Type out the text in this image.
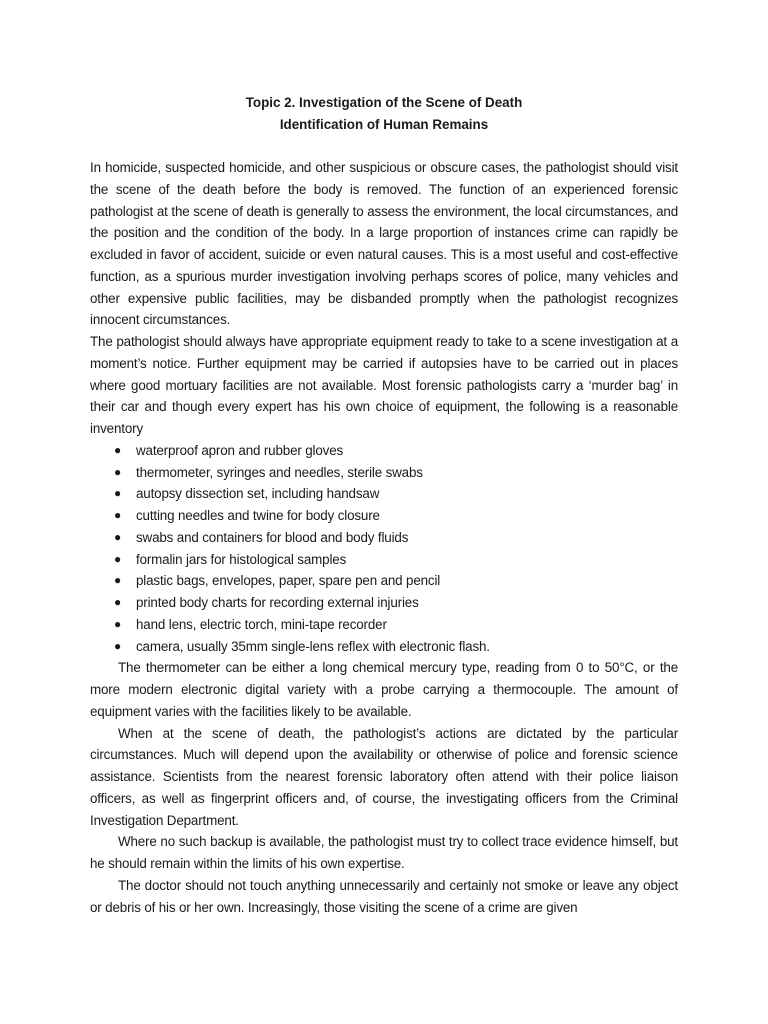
Topic 2. Investigation of the Scene of Death

Identification of Human Remains

In homicide, suspected homicide, and other suspicious or obscure cases, the pathologist should visit the scene of the death before the body is removed. The function of an experienced forensic pathologist at the scene of death is generally to assess the environment, the local circumstances, and the position and the condition of the body. In a large proportion of instances crime can rapidly be excluded in favor of accident, suicide or even natural causes. This is a most useful and cost-effective function, as a spurious murder investigation involving perhaps scores of police, many vehicles and other expensive public facilities, may be disbanded promptly when the pathologist recognizes innocent circumstances.

The pathologist should always have appropriate equipment ready to take to a scene investigation at a moment’s notice. Further equipment may be carried if autopsies have to be carried out in places where good mortuary facilities are not available. Most forensic pathologists carry a ‘murder bag’ in their car and though every expert has his own choice of equipment, the following is a reasonable inventory

● waterproof apron and rubber gloves
● thermometer, syringes and needles, sterile swabs
● autopsy dissection set, including handsaw
● cutting needles and twine for body closure
● swabs and containers for blood and body fluids
● formalin jars for histological samples
● plastic bags, envelopes, paper, spare pen and pencil
● printed body charts for recording external injuries
● hand lens, electric torch, mini-tape recorder
● camera, usually 35mm single-lens reflex with electronic flash.

The thermometer can be either a long chemical mercury type, reading from 0 to 50°C, or the more modern electronic digital variety with a probe carrying a thermocouple. The amount of equipment varies with the facilities likely to be available.

When at the scene of death, the pathologist’s actions are dictated by the particular circumstances. Much will depend upon the availability or otherwise of police and forensic science assistance. Scientists from the nearest forensic laboratory often attend with their police liaison officers, as well as fingerprint officers and, of course, the investigating officers from the Criminal Investigation Department.

Where no such backup is available, the pathologist must try to collect trace evidence himself, but he should remain within the limits of his own expertise.

The doctor should not touch anything unnecessarily and certainly not smoke or leave any object or debris of his or her own. Increasingly, those visiting the scene of a crime are given
